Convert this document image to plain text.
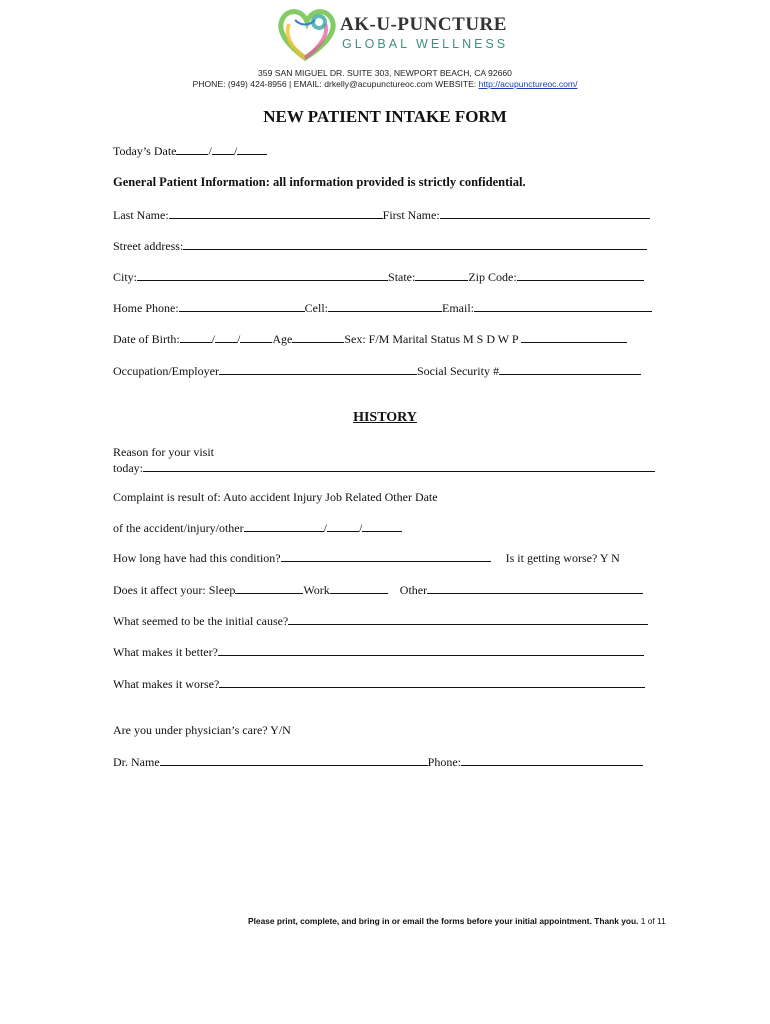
AK-U-PUNCTURE
GLOBAL WELLNESS
359 SAN MIGUEL DR. SUITE 303, NEWPORT BEACH, CA 92660
PHONE: (949) 424-8956 | EMAIL: drkelly@acupunctureoc.com WEBSITE: http://acupunctureoc.com/
NEW PATIENT INTAKE FORM
Today’s Date	/ /
General Patient Information: all information provided is strictly confidential.
Last Name:	First Name:
Street address:
City:	State:	Zip Code:
Home Phone:	Cell:	Email:
Date of Birth:	/ /	Age	Sex: F/M Marital Status M S D W P
Occupation/Employer	Social Security #
HISTORY
Reason for your visit
today:
Complaint is result of: Auto accident Injury Job Related Other Date
of the accident/injury/other	/	/
How long have had this condition?	Is it getting worse? Y N
Does it affect your: Sleep	Work	Other
What seemed to be the initial cause?
What makes it better?
What makes it worse?
Are you under physician’s care? Y/N
Dr. Name	Phone:
Please print, complete, and bring in or email the forms before your initial appointment. Thank you. 1 of 11
